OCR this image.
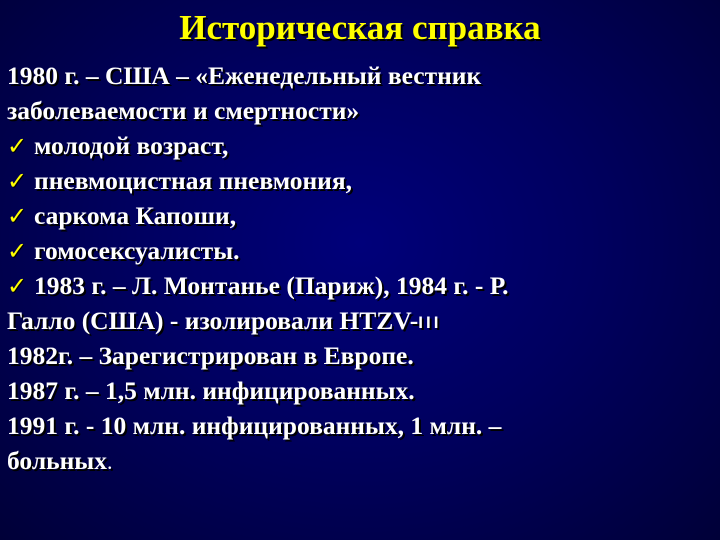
Историческая справка
1980 г. – США – «Еженедельный вестник
заболеваемости и смертности»
✓ молодой возраст,
✓ пневмоцистная пневмония,
✓ саркома Капоши,
✓ гомосексуалисты.
✓ 1983 г. – Л. Монтанье (Париж), 1984 г. - Р.
Галло (США) - изолировали HTZV-III
1982г. – Зарегистрирован в Европе.
1987 г. – 1,5 млн. инфицированных.
1991 г. - 10 млн. инфицированных, 1 млн. –
больных.
